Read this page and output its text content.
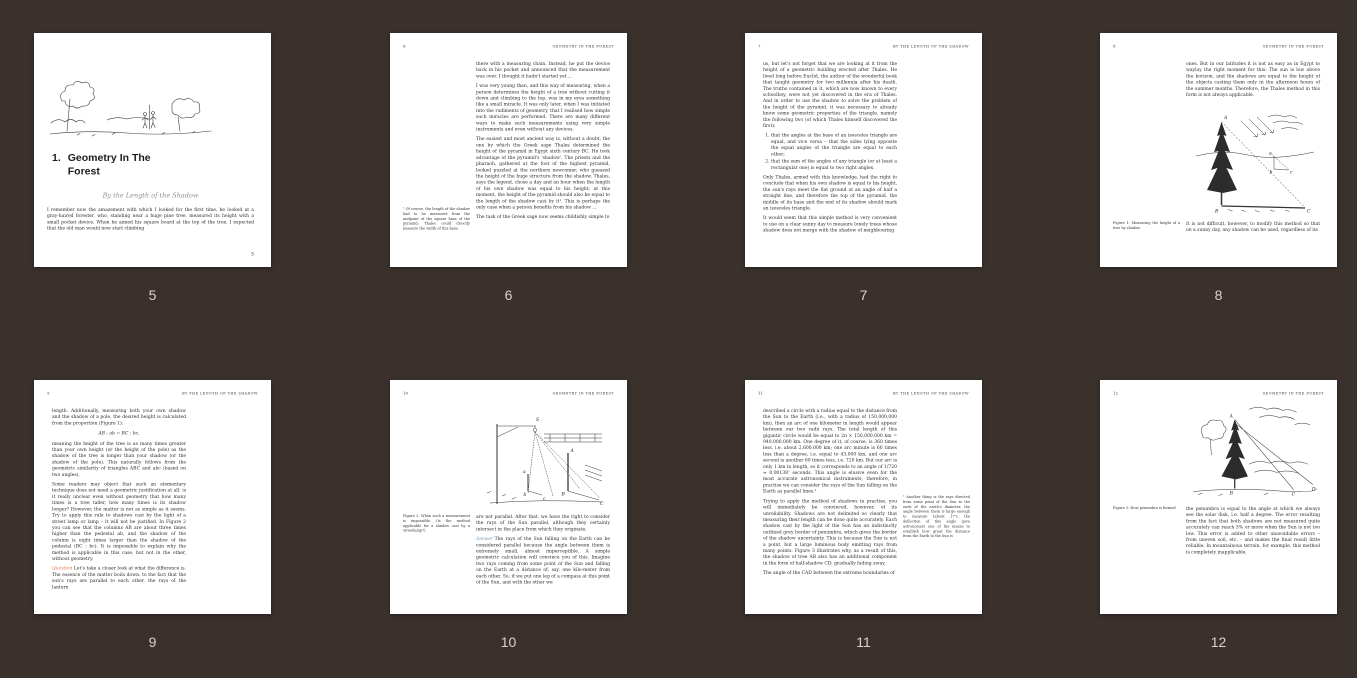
1. Geometry In The
Forest
By the Length of the Shadow
I remember now the amazement with which I looked for the first time, he looked at a gray-haired forester, who, standing near a huge pine tree, measured its height with a small pocket device. When he aimed his square board at the top of the tree, I expected that the old man would now start climbing
5
5
6	GEOMETRY IN THE FOREST

there with a measuring chain. Instead, he put the device back in his pocket and announced that the measurement was over. I thought it hadn't started yet ...

I was very young then, and this way of measuring, when a person determines the height of a tree without cutting it down and climbing to the top, was in my eyes something like a small miracle. It was only later, when I was initiated into the rudiments of geometry, that I realised how simple such miracles are performed. There are many different ways to make such measurements using very simple instruments and even without any devices.

The easiest and most ancient way is, without a doubt, the one by which the Greek sage Thales determined the height of the pyramid in Egypt sixth century BC. He took advantage of the pyramid's 'shadow'. The priests and the pharaoh, gathered at the foot of the highest pyramid, looked puzzled at the northern newcomer, who guessed the height of the huge structure from the shadow. Thales, says the legend, chose a day and an hour when the length of his own shadow was equal to his height; at this moment, the height of the pyramid should also be equal to the length of the shadow cast by it¹. This is perhaps the only case when a person benefits from his shadow ...

The task of the Greek sage now seems childishly simple to

¹ Of course, the length of the shadow had to be measured from the midpoint of the square base of the pyramid; Thales could directly measure the width of this base.
6
7	BY THE LENGTH OF THE SHADOW

us, but let's not forget that we are looking at it from the height of a geometric building erected after Thales. He lived long before Euclid, the author of the wonderful book that taught geometry for two millennia after his death. The truths contained in it, which are now known to every schoolboy, were not yet discovered in the era of Thales. And in order to use the shadow to solve the problem of the height of the pyramid, it was necessary to already know some geometric properties of the triangle, namely the following two (of which Thales himself discovered the first):

1. that the angles at the base of an isosceles triangle are equal, and vice versa – that the sides lying opposite the equal angles of the triangle are equal to each other;
2. that the sum of the angles of any triangle (or at least a rectangular one) is equal to two right angles.

Only Thales, armed with this knowledge, had the right to conclude that when his own shadow is equal to his height, the sun's rays meet the flat ground at an angle of half a straight line, and therefore the top of the pyramid, the middle of its base and the end of its shadow should mark an isosceles triangle.

It would seem that this simple method is very convenient to use on a clear sunny day to measure lonely trees whose shadow does not merge with the shadow of neighbouring

7
8	GEOMETRY IN THE FOREST

ones. But in our latitudes it is not as easy as in Egypt to waylay the right moment for this: The sun is low above the horizon, and the shadows are equal to the height of the objects casting them only in the afternoon hours of the summer months. Therefore, the Thales method in this form is not always applicable.

A
B	C
a
b c
Figure 1: Measuring the height of a tree by shadow

It is not difficult, however, to modify this method so that on a sunny day, any shadow can be used, regardless of its

8
9	BY THE LENGTH OF THE SHADOW

length. Additionally, measuring both your own shadow and the shadow of a pole, the desired height is calculated from the proportion (Figure 1):

AB : ab = BC : bc,

meaning the height of the tree is as many times greater than your own height (or the height of the pole) as the shadow of the tree is longer than your shadow (or the shadow of the pole). This naturally follows from the geometric similarity of triangles ABC and abc (based on two angles).

Some readers may object that such an elementary technique does not need a geometric justification at all: is it really unclear even without geometry that how many times is a tree taller, how many times is its shadow longer? However, the matter is not as simple as it seems. Try to apply this rule to shadows cast by the light of a street lamp or lamp – it will not be justified. In Figure 2 you can see that the columns AB are about three times higher than the pedestal ab, and the shadow of the column is eight times larger than the shadow of the pedestal (BC : bc). It is impossible to explain why the method is applicable in this case, but not in the other, without geometry.

Question Let's take a closer look at what the difference is. The essence of the matter boils down. to the fact that the sun's rays are parallel to each other, the rays of the lantern

9
10	GEOMETRY IN THE FOREST
S
A
B
C
a
b
c
Figure 2: When such a measurement is impossible. (Is the method applicable for a shadow cast by a streetlamp?)

are not parallel. After that, we have the right to consider the rays of the Sun parallel, although they certainly intersect in the place from which they originate.

Answer The rays of the Sun falling on the Earth can be considered parallel because the angle between them is extremely small, almost imperceptible. A simple geometric calculation will convince you of this. Imagine two rays coming from some point of the Sun and falling on the Earth at a distance of, say, one kilo-meter from each other. So, if we put one leg of a compass at this point of the Sun, and with the other we

10
11	BY THE LENGTH OF THE SHADOW

described a circle with a radius equal to the distance from the Sun to the Earth (i.e., with a radius of 150,000,000 km), then an arc of one kilometer in length would appear between our two radii rays. The total length of this gigantic circle would be equal to 2π × 150,000,000 km = 940,000,000 km. One degree of it, of course, is 360 times less, i.e. about 2,600,000 km; one arc minute is 60 times less than a degree, i.e. equal to 43,000 km, and one arc second is another 60 times less, i.e. 720 km. But our arc is only 1 km in length, so it corresponds to an angle of 1/720 ≈ 0.00138″ seconds. This angle is elusive even for the most accurate astronomical instruments; therefore, in practise we can consider the rays of the Sun falling on the Earth as parallel lines.²

Trying to apply the method of shadows in practise, you will immediately be convinced, however, of its unreliability. Shadows are not delimited so clearly that measuring their length can be done quite accurately. Each shadow cast by the light of the Sun has an indistinctly outlined grey border of penumbra, which gives the border of the shadow uncertainty. This is because the Sun is not a point, but a large luminous body emitting rays from many points. Figure 3 illustrates why, as a result of this, the shadow of tree AB also has an additional component in the form of half-shadow CD, gradually fading away.

The angle of the CAD between the extreme boundaries of

² Another thing is the rays directed from some point of the Sun to the ends of the earth's diameter, the angle between them is large enough to measure (about 17″); the deflection of this angle gave astronomers one of the means to establish how great the distance from the Earth to the Sun is
11
12	GEOMETRY IN THE FOREST
A
B	C
D
Figure 3: How penumbra is formed	the penumbra is equal to the angle at which we always see the solar disk, i.e. half a degree. The error resulting from the fact that both shadows are not measured quite accurately can reach 5% or more when the Sun is not too low. This error is added to other unavoidable errors – from uneven soil, etc. – and makes the final result little reliable. In mountainous terrain, for example, this method is completely inapplicable.

12
